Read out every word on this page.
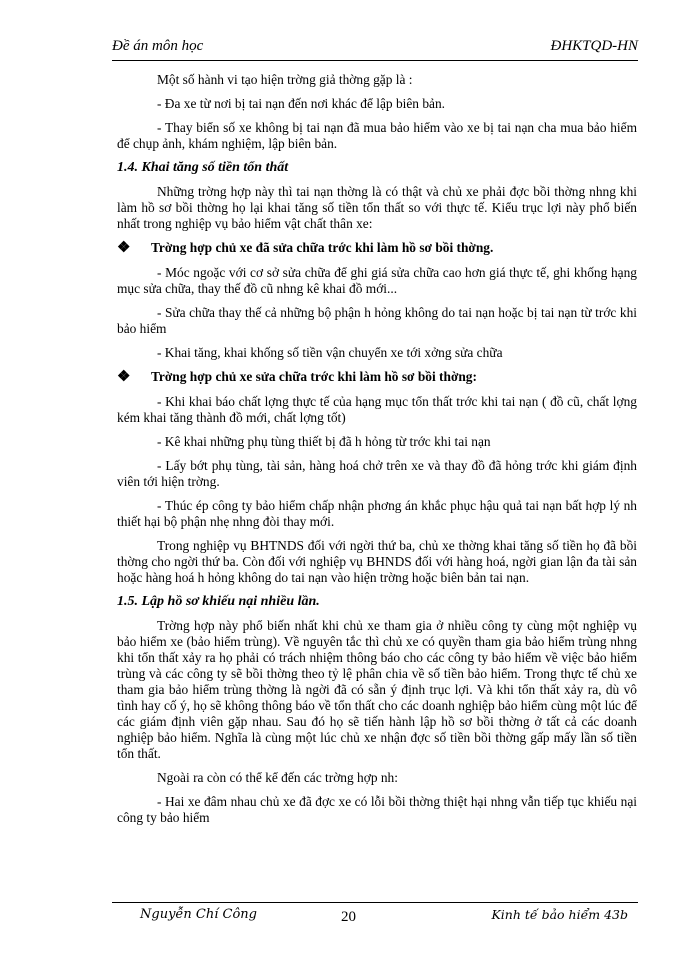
Đề án môn học	ĐHKTQD-HN

Một số hành vi tạo hiện trờng giả thờng gặp là :

- Đa xe từ nơi bị tai nạn đến nơi khác để lập biên bản.

- Thay biển số xe không bị tai nạn đã mua bảo hiểm vào xe bị tai nạn cha mua bảo hiểm để chụp ảnh, khám nghiệm, lập biên bản.

1.4. Khai tăng số tiền tổn thất

Những trờng hợp này thì tai nạn thờng là có thật và chủ xe phải đợc bồi thờng nhng khi làm hồ sơ bồi thờng họ lại khai tăng số tiền tổn thất so với thực tế. Kiểu trục lợi này phổ biến nhất trong nghiệp vụ bảo hiểm vật chất thân xe:

❖ Trờng hợp chủ xe đã sửa chữa trớc khi làm hồ sơ bồi thờng.

- Móc ngoặc với cơ sở sửa chữa để ghi giá sửa chữa cao hơn giá thực tế, ghi khống hạng mục sửa chữa, thay thế đồ cũ nhng kê khai đồ mới...

- Sửa chữa thay thế cả những bộ phận h hỏng không do tai nạn hoặc bị tai nạn từ trớc khi bảo hiểm

- Khai tăng, khai khống số tiền vận chuyển xe tới xởng sửa chữa

❖ Trờng hợp chủ xe sửa chữa trớc khi làm hồ sơ bồi thờng:

- Khi khai báo chất lợng thực tế của hạng mục tổn thất trớc khi tai nạn ( đồ cũ, chất lợng kém khai tăng thành đồ mới, chất lợng tốt)

- Kê khai những phụ tùng thiết bị đã h hỏng từ trớc khi tai nạn

- Lấy bớt phụ tùng, tài sản, hàng hoá chở trên xe và thay đồ đã hỏng trớc khi giám định viên tới hiện trờng.

- Thúc ép công ty bảo hiểm chấp nhận phơng án khắc phục hậu quả tai nạn bất hợp lý nh thiết hại bộ phận nhẹ nhng đòi thay mới.

Trong nghiệp vụ BHTNDS đối với ngời thứ ba, chủ xe thờng khai tăng số tiền họ đã bồi thờng cho ngời thứ ba. Còn đối với nghiệp vụ BHNDS đối với hàng hoá, ngời gian lận đa tài sản hoặc hàng hoá h hỏng không do tai nạn vào hiện trờng hoặc biên bản tai nạn.

1.5. Lập hồ sơ khiếu nại nhiều lần.

Trờng hợp này phổ biến nhất khi chủ xe tham gia ở nhiều công ty cùng một nghiệp vụ bảo hiểm xe (bảo hiểm trùng). Về nguyên tắc thì chủ xe có quyền tham gia bảo hiểm trùng nhng khi tổn thất xảy ra họ phải có trách nhiệm thông báo cho các công ty bảo hiểm về việc bảo hiểm trùng và các công ty sẽ bồi thờng theo tỷ lệ phân chia về số tiền bảo hiểm. Trong thực tế chủ xe tham gia bảo hiểm trùng thờng là ngời đã có sẵn ý định trục lợi. Và khi tổn thất xảy ra, dù vô tình hay cố ý, họ sẽ không thông báo về tổn thất cho các doanh nghiệp bảo hiểm cùng một lúc để các giám định viên gặp nhau. Sau đó họ sẽ tiến hành lập hồ sơ bồi thờng ở tất cả các doanh nghiệp bảo hiểm. Nghĩa là cùng một lúc chủ xe nhận đợc số tiền bồi thờng gấp mấy lần số tiền tổn thất.

Ngoài ra còn có thể kể đến các trờng hợp nh:

- Hai xe đâm nhau chủ xe đã đợc xe có lỗi bồi thờng thiệt hại nhng vẫn tiếp tục khiếu nại công ty bảo hiểm

Nguyễn Chí Công	20	Kinh tế bảo hiểm 43b
